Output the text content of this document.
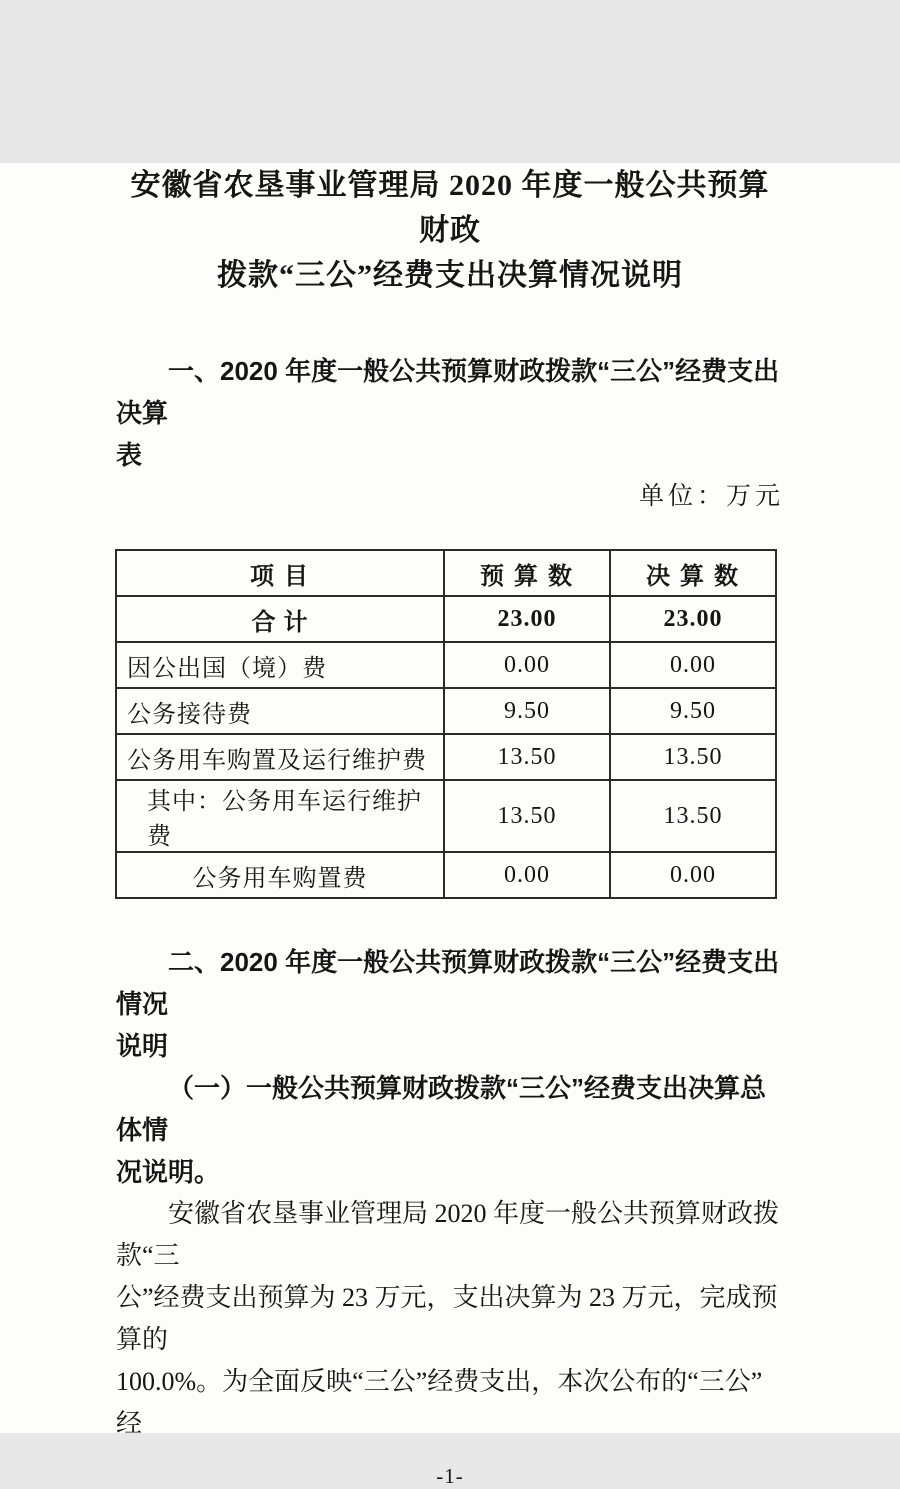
安徽省农垦事业管理局 2020 年度一般公共预算财政
拨款“三公”经费支出决算情况说明
一、2020 年度一般公共预算财政拨款“三公”经费支出决算
表
单位：万元
项 目	预 算 数	决 算 数
合 计	23.00	23.00
因公出国（境）费	0.00	0.00
公务接待费	9.50	9.50
公务用车购置及运行维护费	13.50	13.50
其中：公务用车运行维护费	13.50	13.50
公务用车购置费	0.00	0.00
二、2020 年度一般公共预算财政拨款“三公”经费支出情况
说明
（一）一般公共预算财政拨款“三公”经费支出决算总体情
况说明。
安徽省农垦事业管理局 2020 年度一般公共预算财政拨款“三
公”经费支出预算为 23 万元，支出决算为 23 万元，完成预算的
100.0%。为全面反映“三公”经费支出，本次公布的“三公”经
-1-
